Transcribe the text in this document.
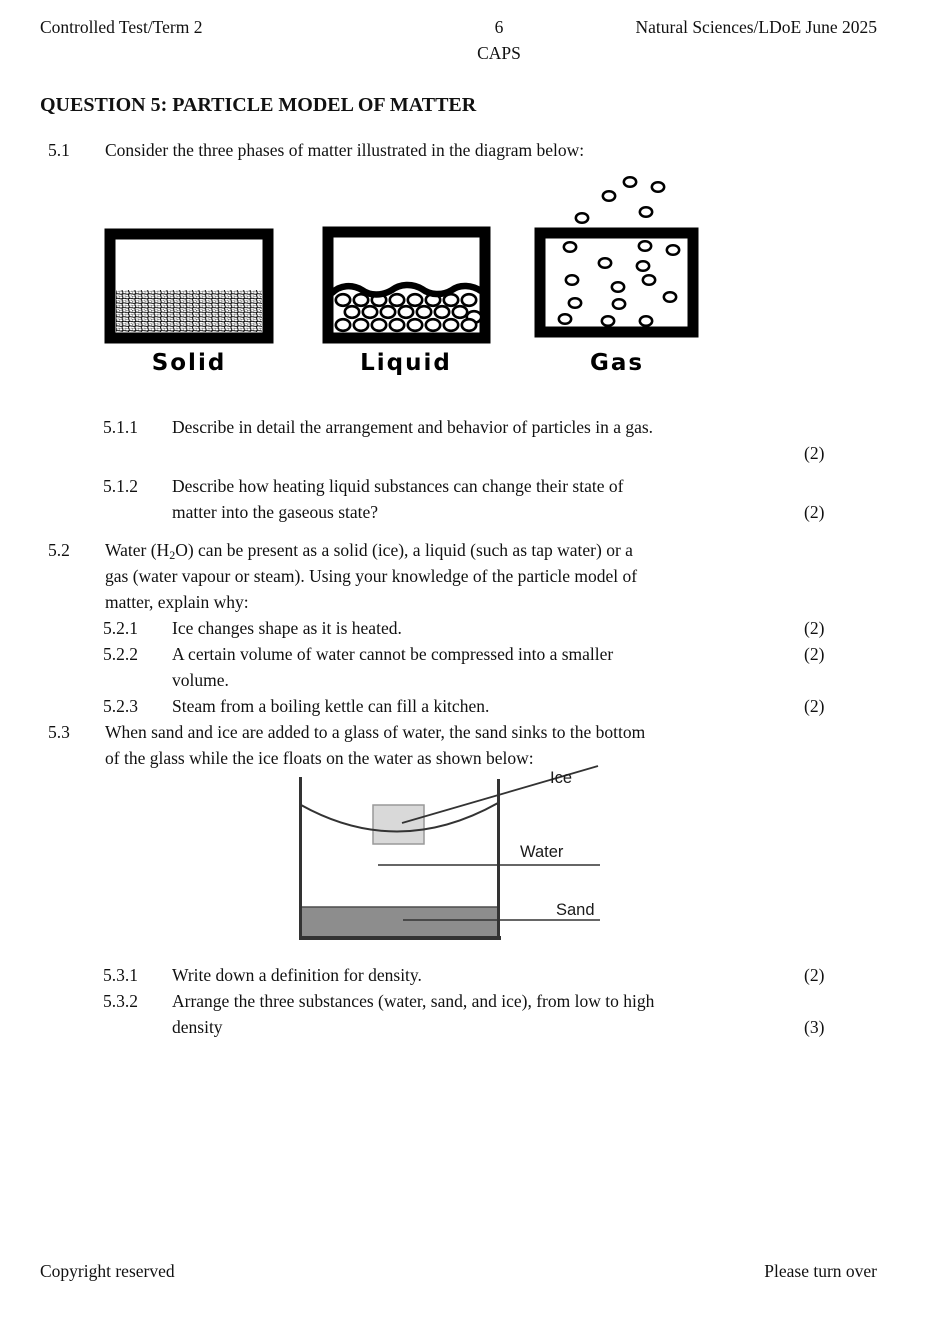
Controlled Test/Term 2	6
CAPS
Natural Sciences/LDoE June 2025
QUESTION 5: PARTICLE MODEL OF MATTER
5.1	Consider the three phases of matter illustrated in the diagram below:
Solid	Liquid	Gas
5.1.1	Describe in detail the arrangement and behavior of particles in a gas.
(2)
5.1.2	Describe how heating liquid substances can change their state of
matter into the gaseous state?	(2)
5.2	Water $(H_2O)$ can be present as a solid (ice), a liquid (such as tap water) or a
gas (water vapour or steam). Using your knowledge of the particle model of
matter, explain why:
5.2.1	Ice changes shape as it is heated.	(2)
5.2.2	A certain volume of water cannot be compressed into a smaller
volume.
(2)
5.2.3	Steam from a boiling kettle can fill a kitchen.	(2)
5.3	When sand and ice are added to a glass of water, the sand sinks to the bottom
of the glass while the ice floats on the water as shown below:
Ice
Water
Sand
5.3.1	Write down a definition for density.	(2)
5.3.2	Arrange the three substances (water, sand, and ice), from low to high
density	(3)
Copyright reserved	Please turn over
